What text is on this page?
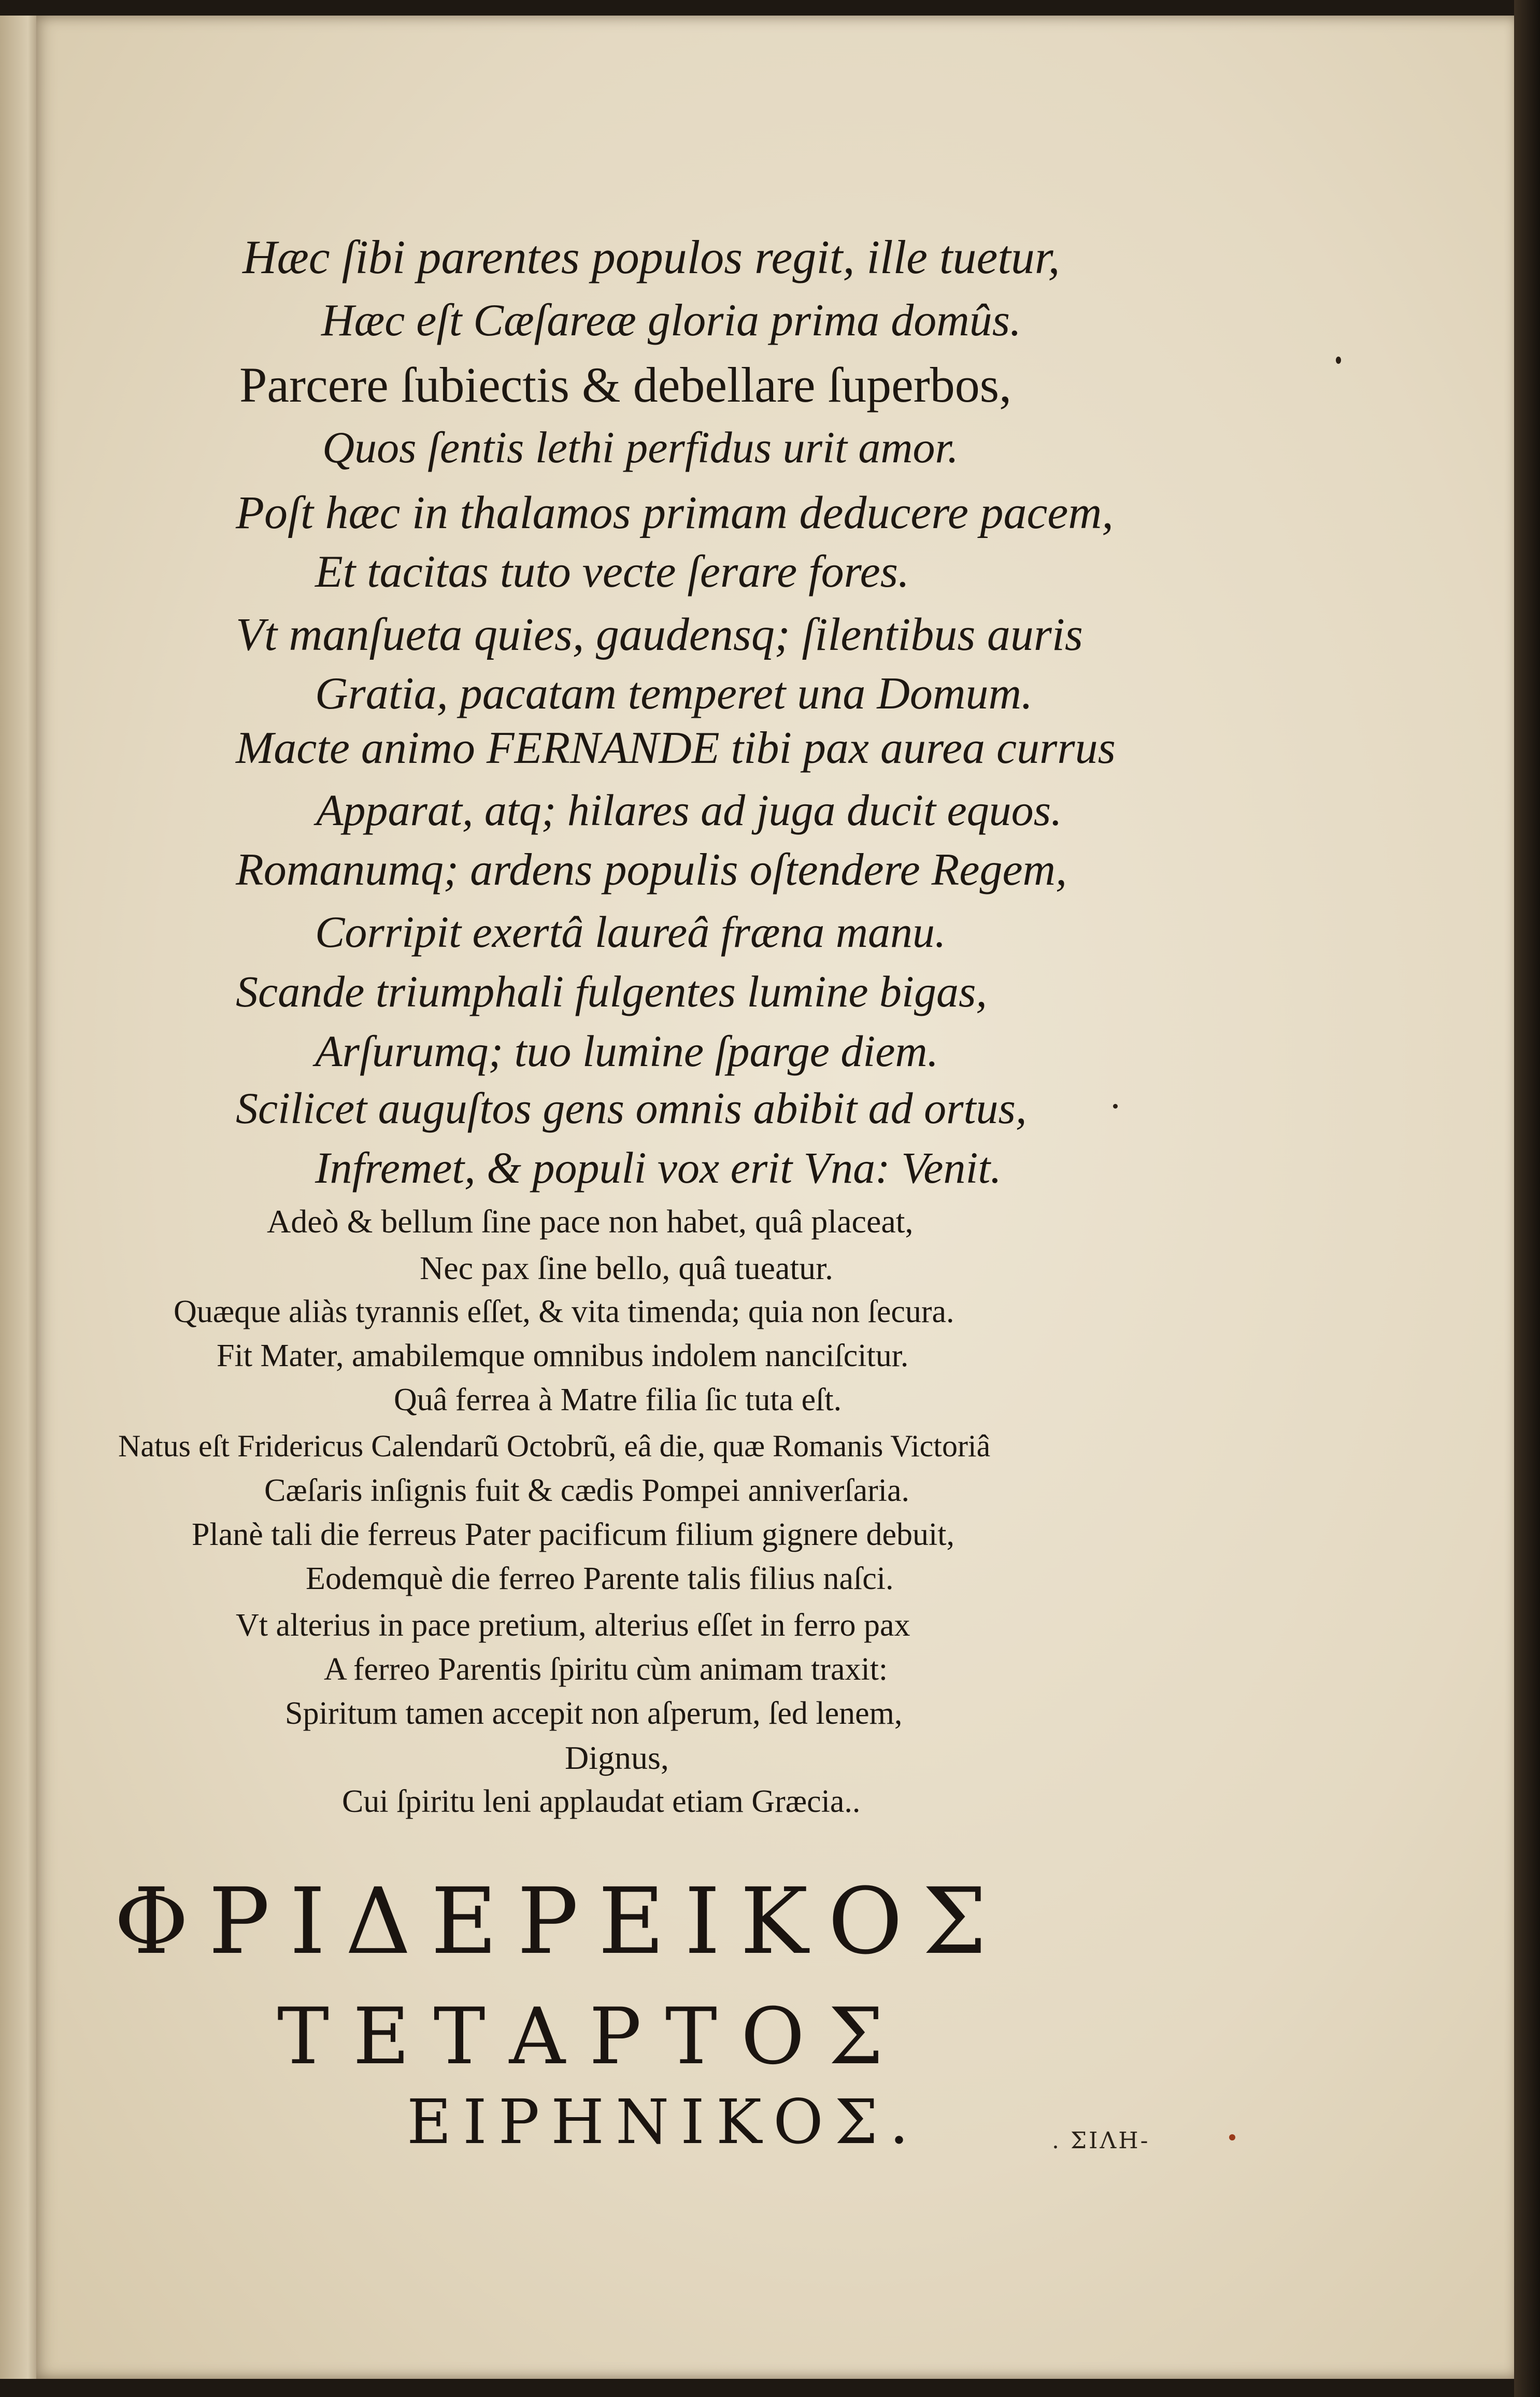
Hæc ſibi parentes populos regit, ille tuetur,
Hæc eſt Cæſareæ gloria prima domûs.
Parcere ſubiectis & debellare ſuperbos,
Quos ſentis lethi perfidus urit amor.
Poſt hæc in thalamos primam deducere pacem,
Et tacitas tuto vecte ſerare fores.
Vt manſueta quies, gaudensq; ſilentibus auris
Gratia, pacatam temperet una Domum.
Macte animo FERNANDE tibi pax aurea currus
Apparat, atq; hilares ad juga ducit equos.
Romanumq; ardens populis oſtendere Regem,
Corripit exertâ laureâ fræna manu.
Scande triumphali fulgentes lumine bigas,
Arſurumq; tuo lumine ſparge diem.
Scilicet auguſtos gens omnis abibit ad ortus,
Infremet, & populi vox erit Vna: Venit.
Adeò & bellum ſine pace non habet, quâ placeat,
Nec pax ſine bello, quâ tueatur.
Quæque aliàs tyrannis eſſet, & vita timenda; quia non ſecura.
Fit Mater, amabilemque omnibus indolem nanciſcitur.
Quâ ferrea à Matre filia ſic tuta eſt.
Natus eſt Fridericus Calendarũ Octobrũ, eâ die, quæ Romanis Victoriâ
Cæſaris inſignis fuit & cædis Pompei anniverſaria.
Planè tali die ferreus Pater pacificum filium gignere debuit,
Eodemquè die ferreo Parente talis filius naſci.
Vt alterius in pace pretium, alterius eſſet in ferro pax
A ferreo Parentis ſpiritu cùm animam traxit:
Spiritum tamen accepit non aſperum, ſed lenem,
Dignus,
Cui ſpiritu leni applaudat etiam Græcia..
ΦΡΙΔΕΡΕΙΚΟΣ
ΤΕΤΑΡΤΟΣ
ΕΙΡΗΝΙΚΟΣ.	. ΣΙΛΗ-
